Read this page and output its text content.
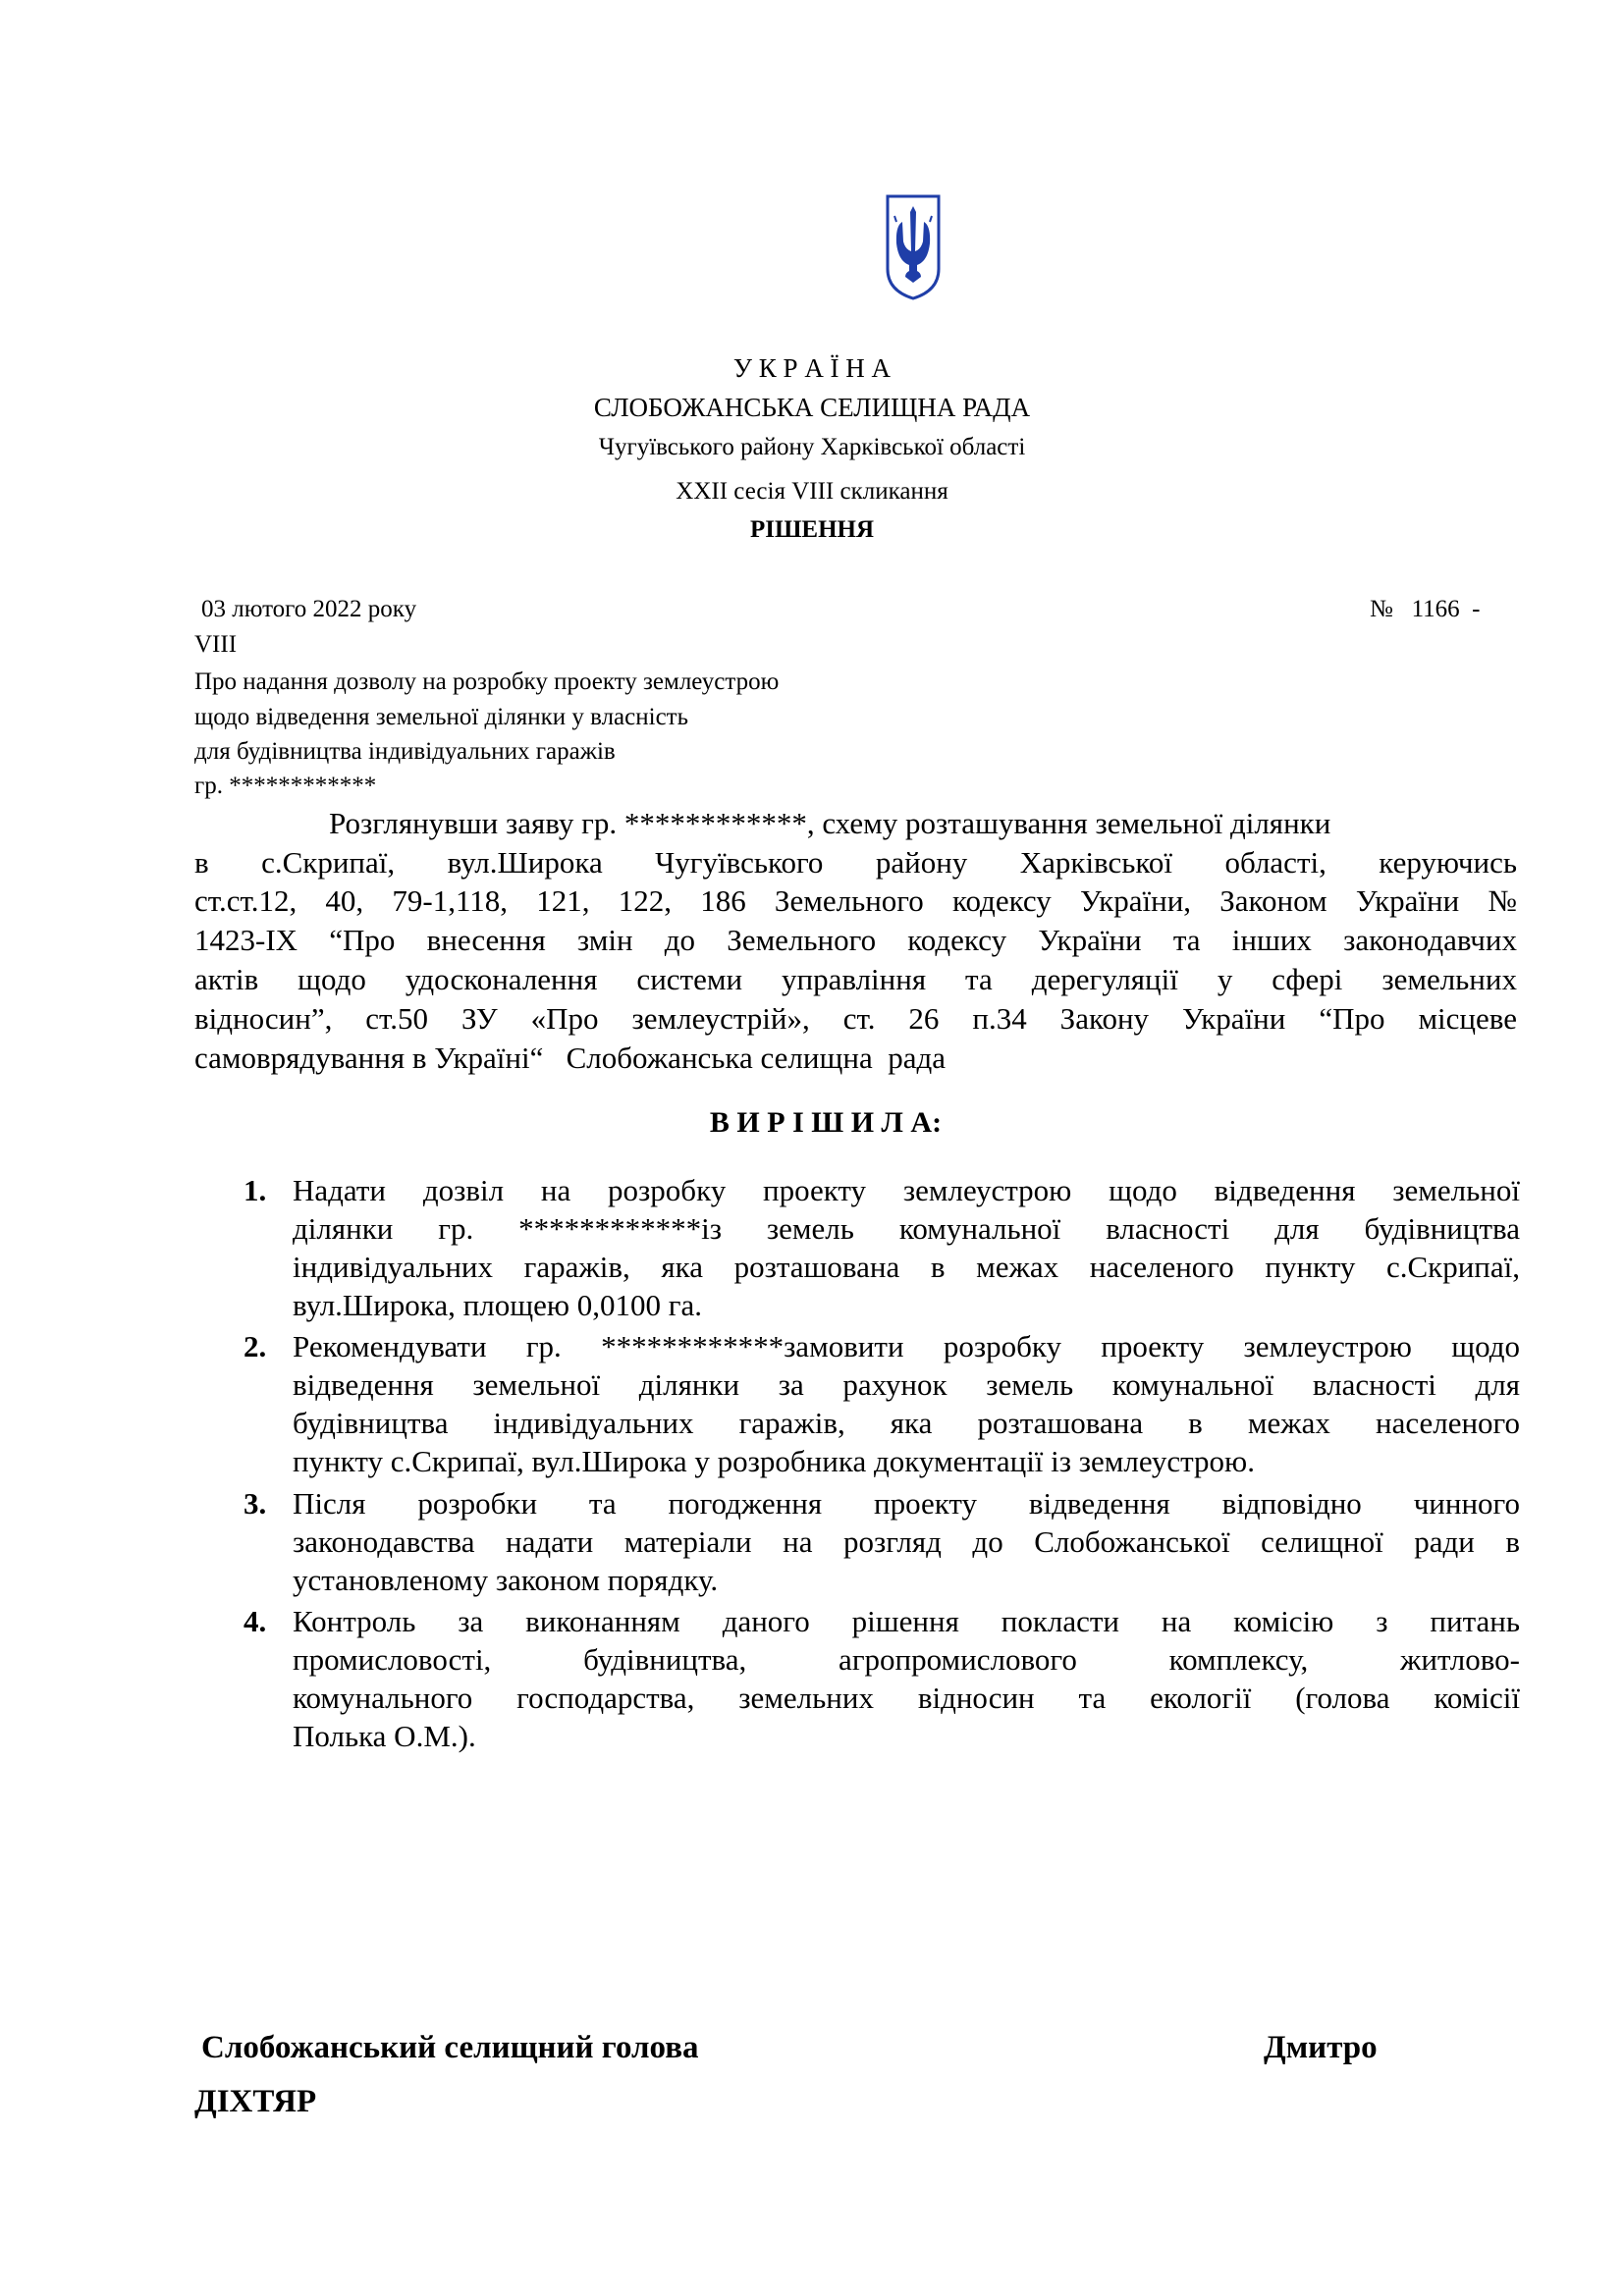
У К Р А Ї Н А
СЛОБОЖАНСЬКА СЕЛИЩНА РАДА
Чугуївського району Харківської області
ХХІІ сесія VIII скликання
РІШЕННЯ
03 лютого 2022 року	№   1166  -
VIII
Про надання дозволу на розробку проекту землеустрою
щодо відведення земельної ділянки у власність
для будівництва індивідуальних гаражів
гр. ************
Розглянувши заяву гр. ************, схему розташування земельної ділянки
в с.Скрипаї, вул.Широка Чугуївського району Харківської області, керуючись
ст.ст.12, 40, 79-1,118, 121, 122, 186 Земельного кодексу України, Законом України №
1423-IX “Про внесення змін до Земельного кодексу України та інших законодавчих
актів щодо удосконалення системи управління та дерегуляції у сфері земельних
відносин”, ст.50 ЗУ «Про землеустрій», ст. 26 п.34 Закону України “Про місцеве
самоврядування в Україні“   Слобожанська селищна  рада
В И Р І Ш И Л А:
1. Надати дозвіл на розробку проекту землеустрою щодо відведення земельної
ділянки гр. ************із земель комунальної власності для будівництва
індивідуальних гаражів, яка розташована в межах населеного пункту с.Скрипаї,
вул.Широка, площею 0,0100 га.
2. Рекомендувати гр. ************замовити розробку проекту землеустрою щодо
відведення земельної ділянки за рахунок земель комунальної власності для
будівництва індивідуальних гаражів, яка розташована в межах населеного
пункту с.Скрипаї, вул.Широка у розробника документації із землеустрою.
3. Після розробки та погодження проекту відведення відповідно чинного
законодавства надати матеріали на розгляд до Слобожанської селищної ради в
установленому законом порядку.
4. Контроль за виконанням даного рішення покласти на комісію з питань
промисловості, будівництва, агропромислового комплексу, житлово-
комунального господарства, земельних відносин та екології (голова комісії
Полька О.М.).
Слобожанський селищний голова	Дмитро
ДІХТЯР
